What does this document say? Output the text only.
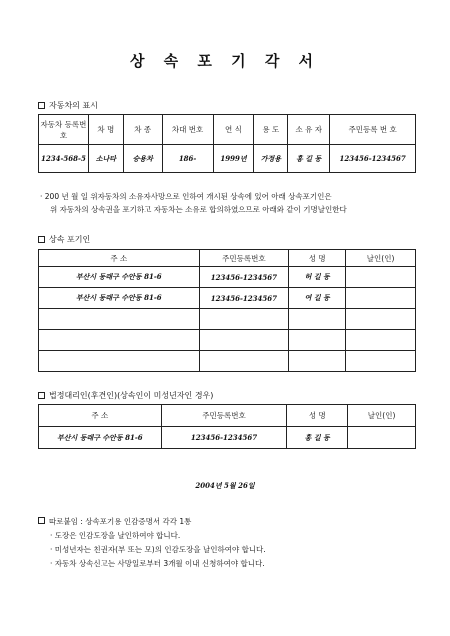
상 속 포 기 각 서
자동차의 표시
자동차 등록번호	차 명	차 종	차대 번호	연 식	용 도	소 유 자	주민등록 번 호
1234-568-5	소나타	승용차	186-	1999년	가정용	홍 길 동	123456-1234567
· 200 년 월 일 위자동차의 소유자사망으로 인하여 개시된 상속에 있어 아래 상속포기인은
위 자동차의 상속권을 포기하고 자동차는 소유로 합의하였으므로 아래와 같이 기명날인한다
상속 포기인
주 소	주민등록번호	성 명	날인(인)
부산시 동래구 수안동 81-6	123456-1234567	허 길 동	
부산시 동래구 수안동 81-6	123456-1234567	여 길 동	

법정대리인(후견인)(상속인이 미성년자인 경우)
주 소	주민등록번호	성 명	날인(인)
부산시 동래구 수안동 81-6	123456-1234567	홍 길 동	
2004년 5월 26일
따로붙임 : 상속포기용 인감증명서 각각 1통
· 도장은 인감도장을 날인하여야 합니다.
· 미성년자는 친권자(부 또는 모)의 인감도장을 날인하여야 합니다.
· 자동차 상속신고는 사망일로부터 3개월 이내 신청하여야 합니다.
